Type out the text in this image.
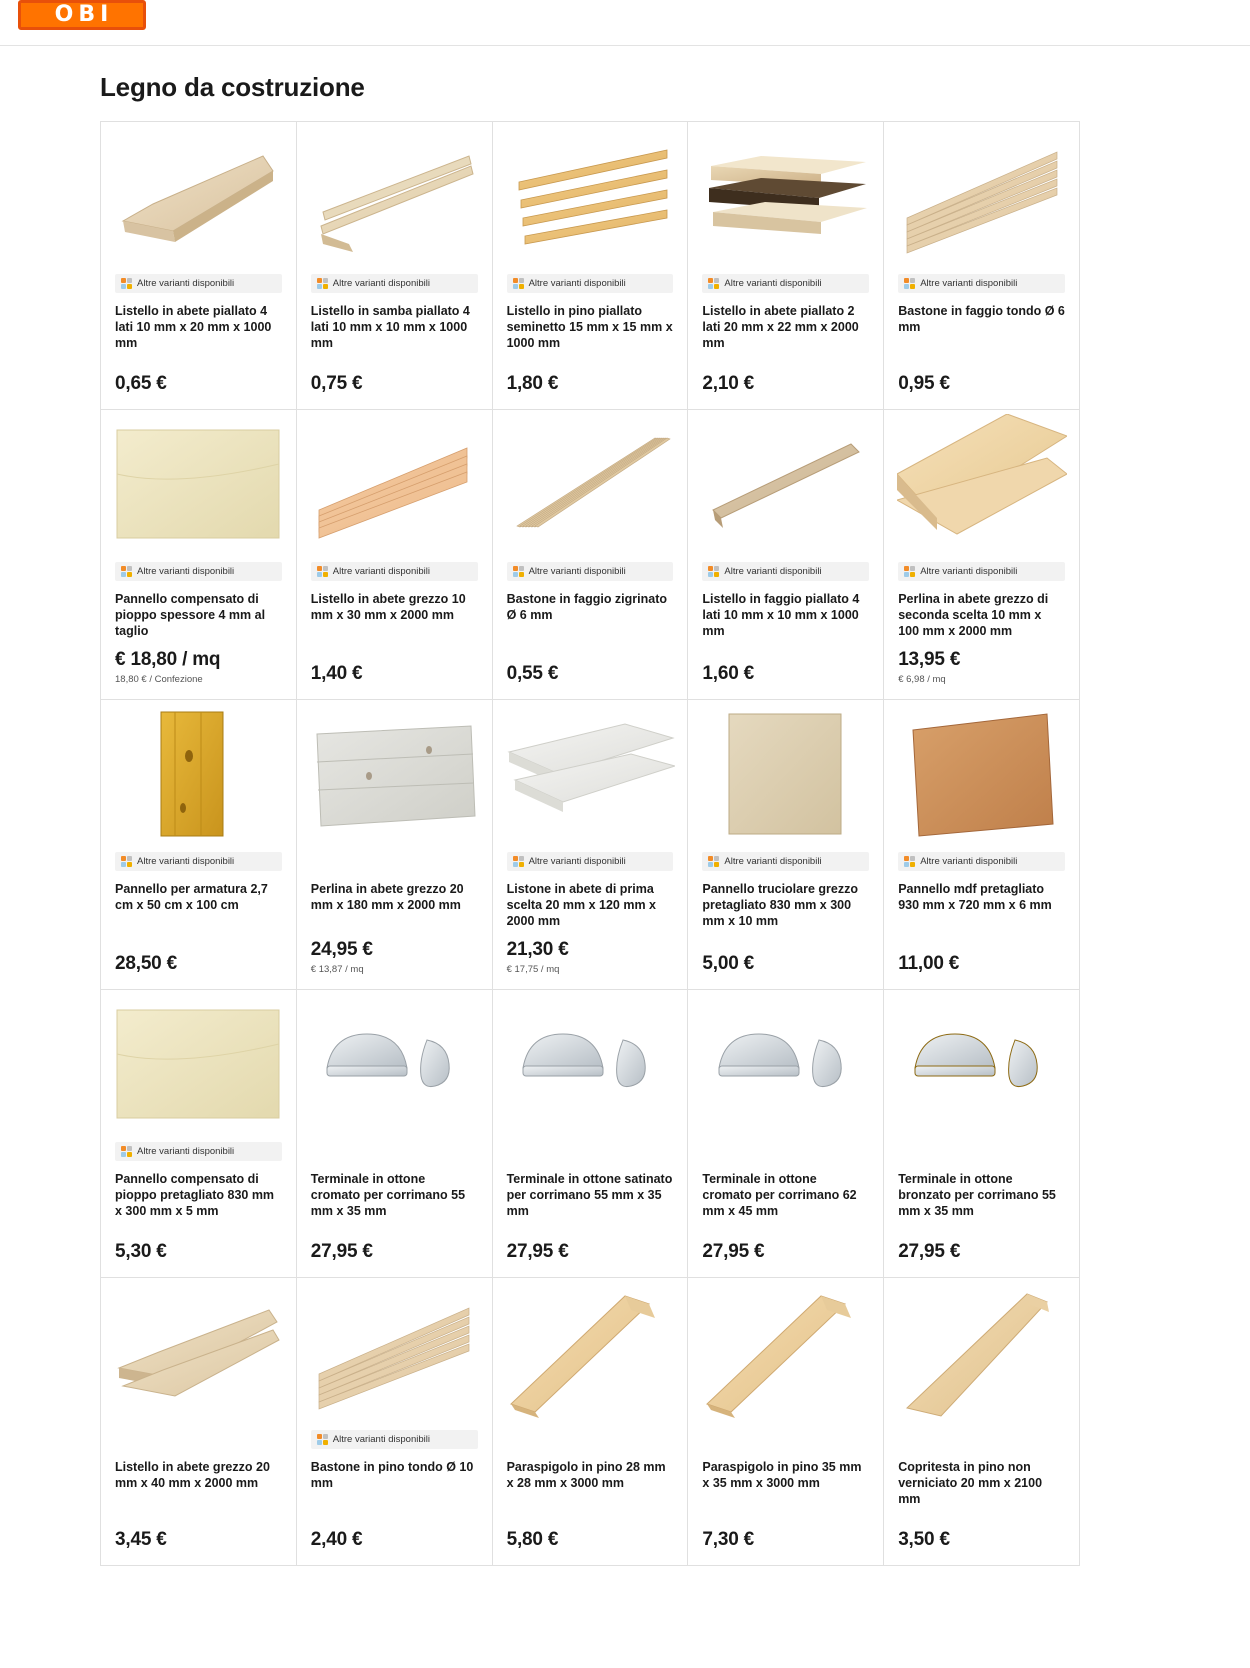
OBI
Legno da costruzione
Altre varianti disponibili
Listello in abete piallato 4 lati 10 mm x 20 mm x 1000 mm
0,65 €
Altre varianti disponibili
Listello in samba piallato 4 lati 10 mm x 10 mm x 1000 mm
0,75 €
Altre varianti disponibili
Listello in pino piallato seminetto 15 mm x 15 mm x 1000 mm
1,80 €
Altre varianti disponibili
Listello in abete piallato 2 lati 20 mm x 22 mm x 2000 mm
2,10 €
Altre varianti disponibili
Bastone in faggio tondo Ø 6 mm
0,95 €
Altre varianti disponibili
Pannello compensato di pioppo spessore 4 mm al taglio
€ 18,80 / mq
18,80 € / Confezione
Altre varianti disponibili
Listello in abete grezzo 10 mm x 30 mm x 2000 mm
1,40 €
Altre varianti disponibili
Bastone in faggio zigrinato Ø 6 mm
0,55 €
Altre varianti disponibili
Listello in faggio piallato 4 lati 10 mm x 10 mm x 1000 mm
1,60 €
Altre varianti disponibili
Perlina in abete grezzo di seconda scelta 10 mm x 100 mm x 2000 mm
13,95 €
€ 6,98 / mq
Altre varianti disponibili
Pannello per armatura 2,7 cm x 50 cm x 100 cm
28,50 €
Perlina in abete grezzo 20 mm x 180 mm x 2000 mm
24,95 €
€ 13,87 / mq
Altre varianti disponibili
Listone in abete di prima scelta 20 mm x 120 mm x 2000 mm
21,30 €
€ 17,75 / mq
Altre varianti disponibili
Pannello truciolare grezzo pretagliato 830 mm x 300 mm x 10 mm
5,00 €
Altre varianti disponibili
Pannello mdf pretagliato 930 mm x 720 mm x 6 mm
11,00 €
Altre varianti disponibili
Pannello compensato di pioppo pretagliato 830 mm x 300 mm x 5 mm
5,30 €
Terminale in ottone cromato per corrimano 55 mm x 35 mm
27,95 €
Terminale in ottone satinato per corrimano 55 mm x 35 mm
27,95 €
Terminale in ottone cromato per corrimano 62 mm x 45 mm
27,95 €
Terminale in ottone bronzato per corrimano 55 mm x 35 mm
27,95 €
Listello in abete grezzo 20 mm x 40 mm x 2000 mm
3,45 €
Altre varianti disponibili
Bastone in pino tondo Ø 10 mm
2,40 €
Paraspigolo in pino 28 mm x 28 mm x 3000 mm
5,80 €
Paraspigolo in pino 35 mm x 35 mm x 3000 mm
7,30 €
Copritesta in pino non verniciato 20 mm x 2100 mm
3,50 €
